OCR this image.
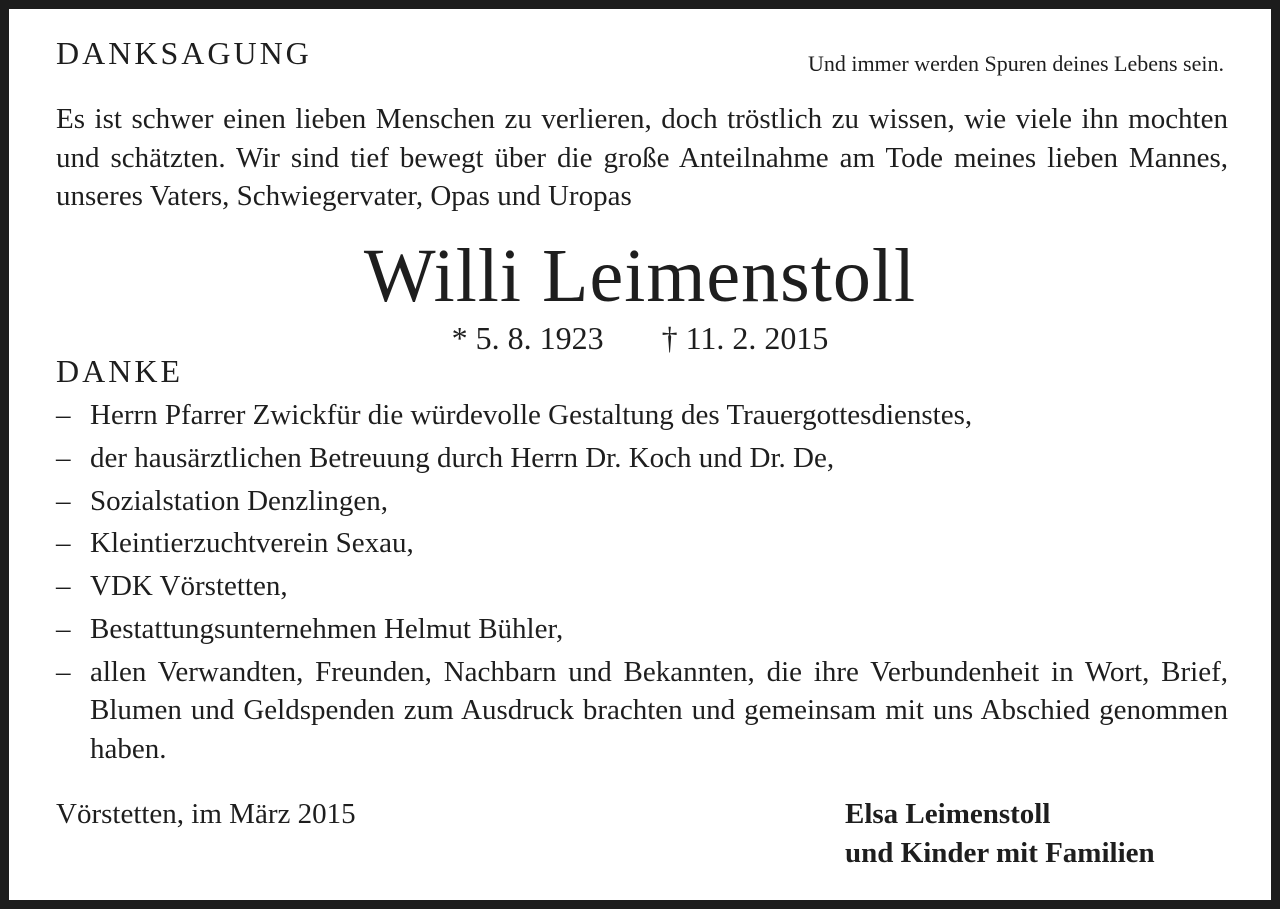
DANKSAGUNG	Und immer werden Spuren deines Lebens sein.

Es ist schwer einen lieben Menschen zu verlieren, doch tröstlich zu wissen, wie viele ihn mochten und schätzten. Wir sind tief bewegt über die große Anteilnahme am Tode meines lieben Mannes, unseres Vaters, Schwiegervater, Opas und Uropas

Willi Leimenstoll
* 5. 8. 1923 † 11. 2. 2015
DANKE
– Herrn Pfarrer Zwickfür die würdevolle Gestaltung des Trauergottesdienstes,
– der hausärztlichen Betreuung durch Herrn Dr. Koch und Dr. De,
– Sozialstation Denzlingen,
– Kleintierzuchtverein Sexau,
– VDK Vörstetten,
– Bestattungsunternehmen Helmut Bühler,
– allen Verwandten, Freunden, Nachbarn und Bekannten, die ihre Verbundenheit in Wort, Brief, Blumen und Geldspenden zum Ausdruck brachten und gemeinsam mit uns Abschied genommen haben.
Vörstetten, im März 2015	Elsa Leimenstoll
und Kinder mit Familien
